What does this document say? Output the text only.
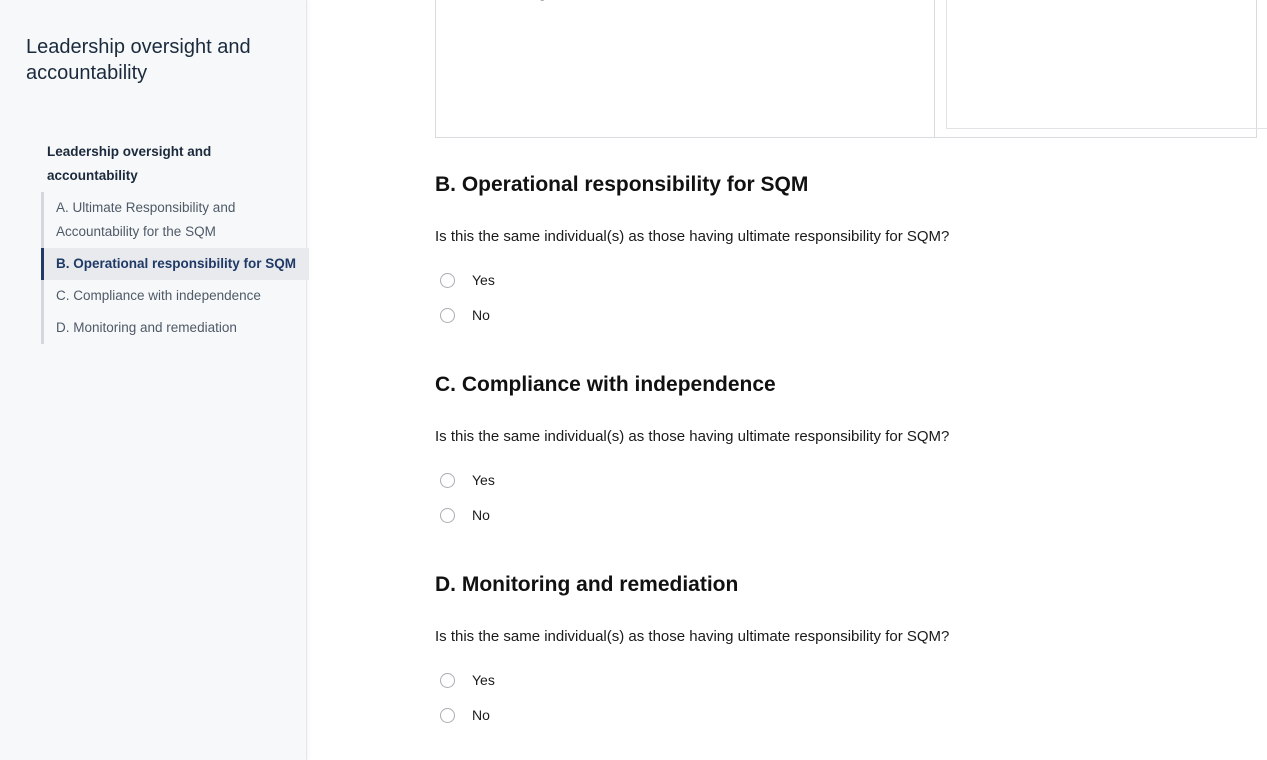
Leadership oversight and accountability
Leadership oversight and accountability
A. Ultimate Responsibility and Accountability for the SQM
B. Operational responsibility for SQM
C. Compliance with independence
D. Monitoring and remediation
B. Operational responsibility for SQM
Is this the same individual(s) as those having ultimate responsibility for SQM?
Yes
No
C. Compliance with independence
Is this the same individual(s) as those having ultimate responsibility for SQM?
Yes
No
D. Monitoring and remediation
Is this the same individual(s) as those having ultimate responsibility for SQM?
Yes
No
